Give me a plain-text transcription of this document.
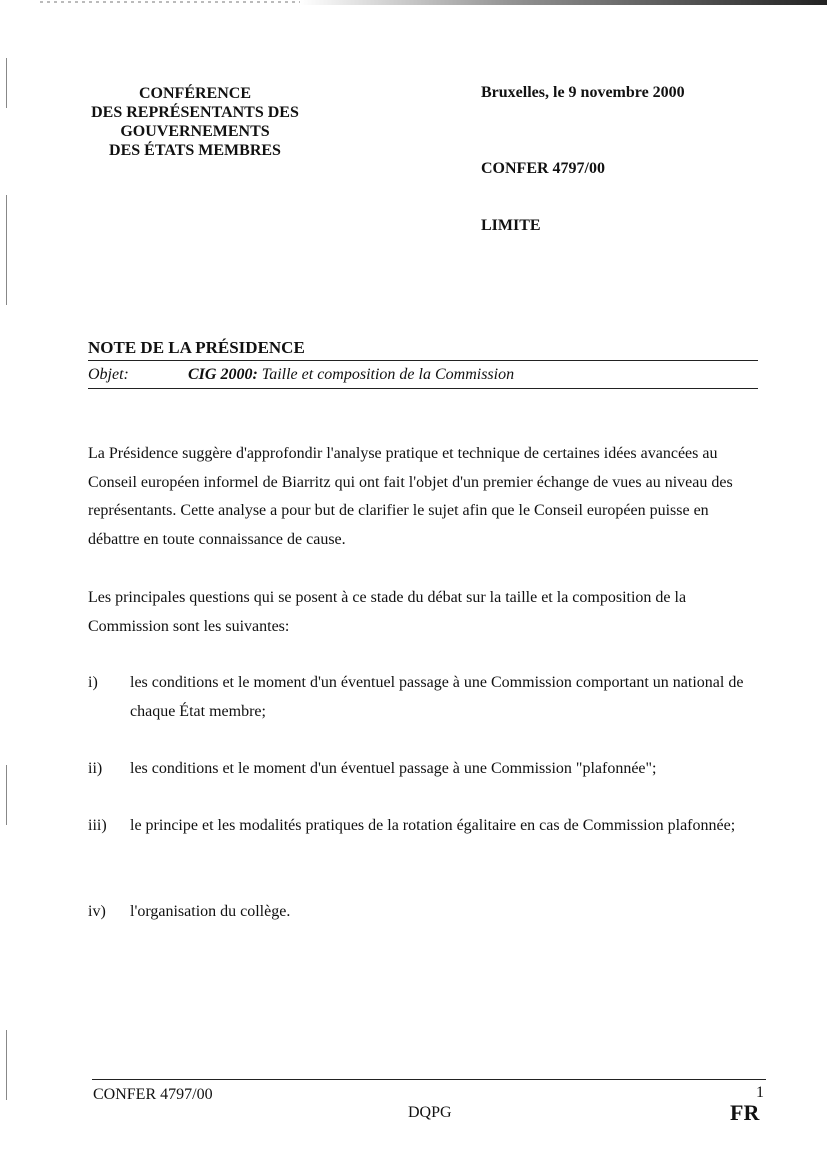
CONFÉRENCE
DES REPRÉSENTANTS DES
GOUVERNEMENTS
DES ÉTATS MEMBRES
Bruxelles, le 9 novembre 2000
CONFER 4797/00
LIMITE
NOTE DE LA PRÉSIDENCE
Objet:	CIG 2000: Taille et composition de la Commission
La Présidence suggère d'approfondir l'analyse pratique et technique de certaines idées avancées au Conseil européen informel de Biarritz qui ont fait l'objet d'un premier échange de vues au niveau des représentants. Cette analyse a pour but de clarifier le sujet afin que le Conseil européen puisse en débattre en toute connaissance de cause.
Les principales questions qui se posent à ce stade du débat sur la taille et la composition de la Commission sont les suivantes:
i) les conditions et le moment d'un éventuel passage à une Commission comportant un national de chaque État membre;
ii) les conditions et le moment d'un éventuel passage à une Commission "plafonnée";
iii) le principe et les modalités pratiques de la rotation égalitaire en cas de Commission plafonnée;
iv) l'organisation du collège.
CONFER 4797/00	1
DQPG	FR
